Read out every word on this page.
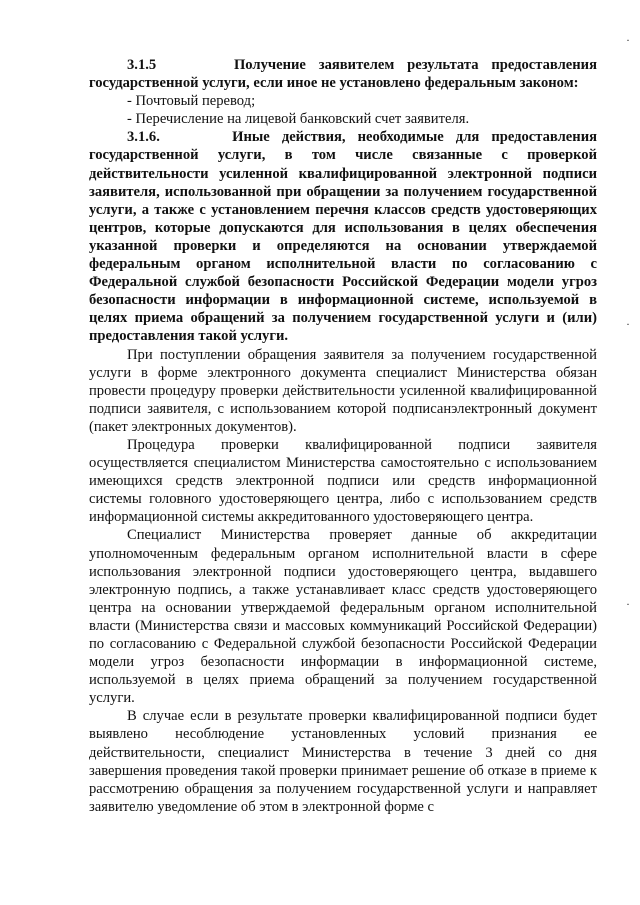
3.1.5	Получение заявителем результата предоставления государственной услуги, если иное не установлено федеральным законом:

- Почтовый перевод;

- Перечисление на лицевой банковский счет заявителя.

3.1.6.	Иные действия, необходимые для предоставления государственной услуги, в том числе связанные с проверкой действительности усиленной квалифицированной электронной подписи заявителя, использованной при обращении за получением государственной услуги, а также с установлением перечня классов средств удостоверяющих центров, которые допускаются для использования в целях обеспечения указанной проверки и определяются на основании утверждаемой федеральным органом исполнительной власти по согласованию с Федеральной службой безопасности Российской Федерации модели угроз безопасности информации в информационной системе, используемой в целях приема обращений за получением государственной услуги и (или) предоставления такой услуги.

При поступлении обращения заявителя за получением государственной услуги в форме электронного документа специалист Министерства обязан провести процедуру проверки действительности усиленной квалифицированной подписи заявителя, с использованием которой подписанэлектронный документ (пакет электронных документов).

Процедура проверки квалифицированной подписи заявителя осуществляется специалистом Министерства самостоятельно с использованием имеющихся средств электронной подписи или средств информационной системы головного удостоверяющего центра, либо с использованием средств информационной системы аккредитованного удостоверяющего центра.

Специалист Министерства проверяет данные об аккредитации уполномоченным федеральным органом исполнительной власти в сфере использования электронной подписи удостоверяющего центра, выдавшего электронную подпись, а также устанавливает класс средств удостоверяющего центра на основании утверждаемой федеральным органом исполнительной власти (Министерства связи и массовых коммуникаций Российской Федерации) по согласованию с Федеральной службой безопасности Российской Федерации модели угроз безопасности информации в информационной системе, используемой в целях приема обращений за получением государственной услуги.

В случае если в результате проверки квалифицированной подписи будет выявлено несоблюдение установленных условий признания ее действительности, специалист Министерства в течение 3 дней со дня завершения проведения такой проверки принимает решение об отказе в приеме к рассмотрению обращения за получением государственной услуги и направляет заявителю уведомление об этом в электронной форме с

·
·
·
